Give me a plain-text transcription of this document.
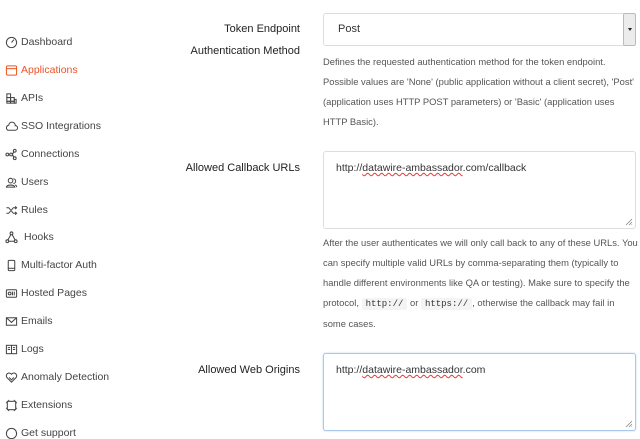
Dashboard
Applications
APIs
SSO Integrations
Connections
Users
Rules
Hooks
Multi-factor Auth
Hosted Pages
Emails
Logs
Anomaly Detection
Extensions
Get support
Token Endpoint
Authentication Method
Post
Defines the requested authentication method for the token endpoint. Possible values are 'None' (public application without a client secret), 'Post' (application uses HTTP POST parameters) or 'Basic' (application uses HTTP Basic).
Allowed Callback URLs	http://datawire-ambassador.com/callback
After the user authenticates we will only call back to any of these URLs. You can specify multiple valid URLs by comma-separating them (typically to handle different environments like QA or testing). Make sure to specify the protocol, http:// or https:// , otherwise the callback may fail in some cases.
Allowed Web Origins	http://datawire-ambassador.com
